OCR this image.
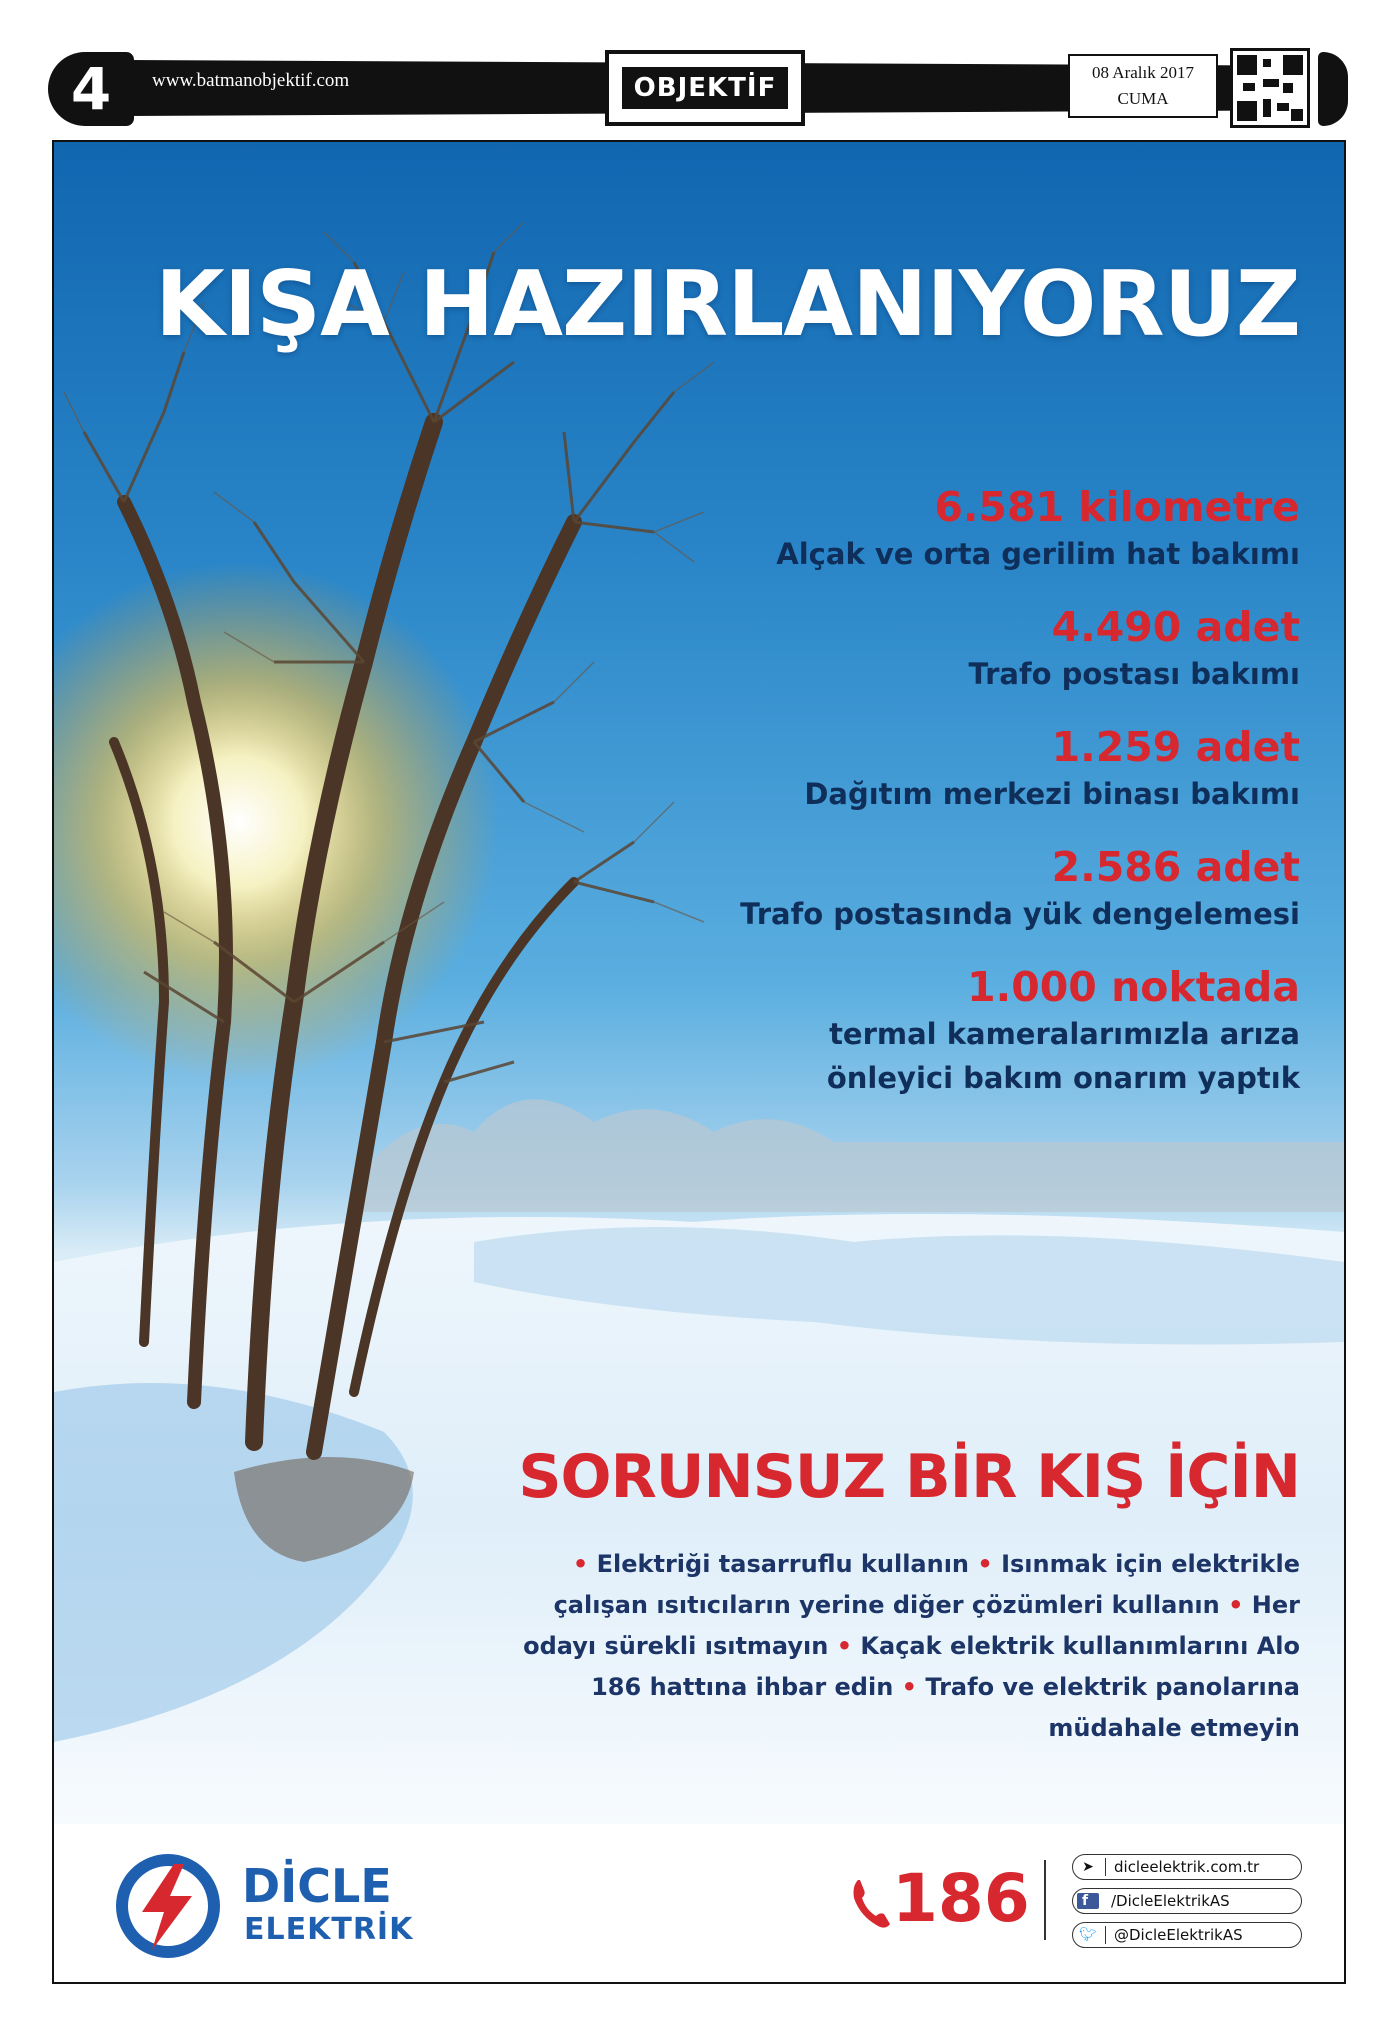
4	www.batmanobjektif.com	OBJEKTİF
08 Aralık 2017
CUMA
KIŞA HAZIRLANIYORUZ
6.581 kilometre
Alçak ve orta gerilim hat bakımı
4.490 adet
Trafo postası bakımı
1.259 adet
Dağıtım merkezi binası bakımı
2.586 adet
Trafo postasında yük dengelemesi
1.000 noktada
termal kameralarımızla arıza
önleyici bakım onarım yaptık
SORUNSUZ BİR KIŞ İÇİN
• Elektriği tasarruflu kullanın • Isınmak için elektrikle çalışan ısıtıcıların yerine diğer çözümleri kullanın • Her odayı sürekli ısıtmayın • Kaçak elektrik kullanımlarını Alo 186 hattına ihbar edin • Trafo ve elektrik panolarına müdahale etmeyin
DİCLE
ELEKTRİK	186	➤	dicleelektrik.com.tr
f	/DicleElektrikAS
🐦︎	@DicleElektrikAS
